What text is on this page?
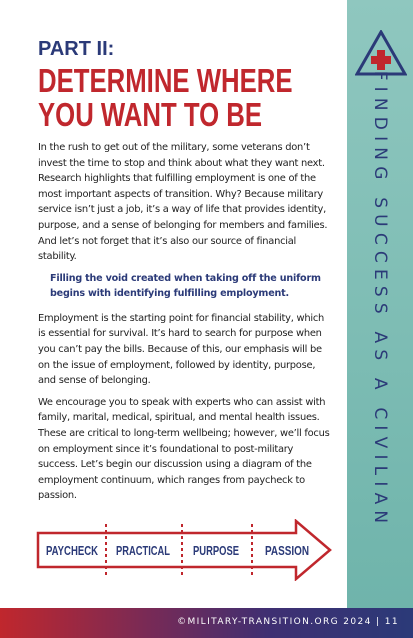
FINDING SUCCESS AS A CIVILIAN
PART II:
DETERMINE WHERE
YOU WANT TO BE

In the rush to get out of the military, some veterans don’t invest the time to stop and think about what they want next. Research highlights that fulfilling employment is one of the most important aspects of transition. Why? Because military service isn’t just a job, it’s a way of life that provides identity, purpose, and a sense of belonging for members and families. And let’s not forget that it’s also our source of financial stability.

Filling the void created when taking off the uniform begins with identifying fulfilling employment.

Employment is the starting point for financial stability, which is essential for survival. It’s hard to search for purpose when you can’t pay the bills. Because of this, our emphasis will be on the issue of employment, followed by identity, purpose, and sense of belonging.

We encourage you to speak with experts who can assist with family, marital, medical, spiritual, and mental health issues. These are critical to long-term wellbeing; however, we’ll focus on employment since it’s foundational to post-military success. Let’s begin our discussion using a diagram of the employment continuum, which ranges from paycheck to passion.

PAYCHECK PRACTICAL PURPOSE PASSION
©MILITARY-TRANSITION.ORG 2024 | 11
